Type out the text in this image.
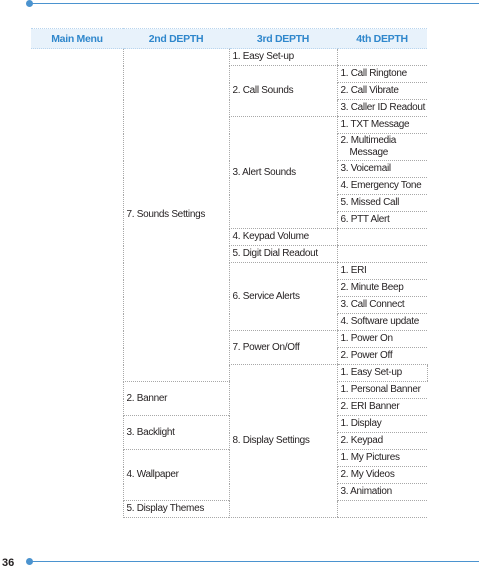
Main Menu	2nd DEPTH	3rd DEPTH	4th DEPTH	
	7. Sounds Settings	1. Easy Set-up		
		2. Call Sounds	1. Call Ringtone	
			2. Call Vibrate	
			3. Caller ID Readout	
		3. Alert Sounds	1. TXT Message	
			2. Multimedia Message	
			3. Voicemail	
			4. Emergency Tone	
			5. Missed Call	
			6. PTT Alert	
		4. Keypad Volume		
		5. Digit Dial Readout		
		6. Service Alerts	1. ERI	
			2. Minute Beep	
			3. Call Connect	
			4. Software update	
		7. Power On/Off	1. Power On	
			2. Power Off	
		8. Display Settings	1. Easy Set-up	
	2. Banner		1. Personal Banner	
			2. ERI Banner	
	3. Backlight		1. Display	
			2. Keypad	
	4. Wallpaper		1. My Pictures	
			2. My Videos	
			3. Animation	
	5. Display Themes			
36
